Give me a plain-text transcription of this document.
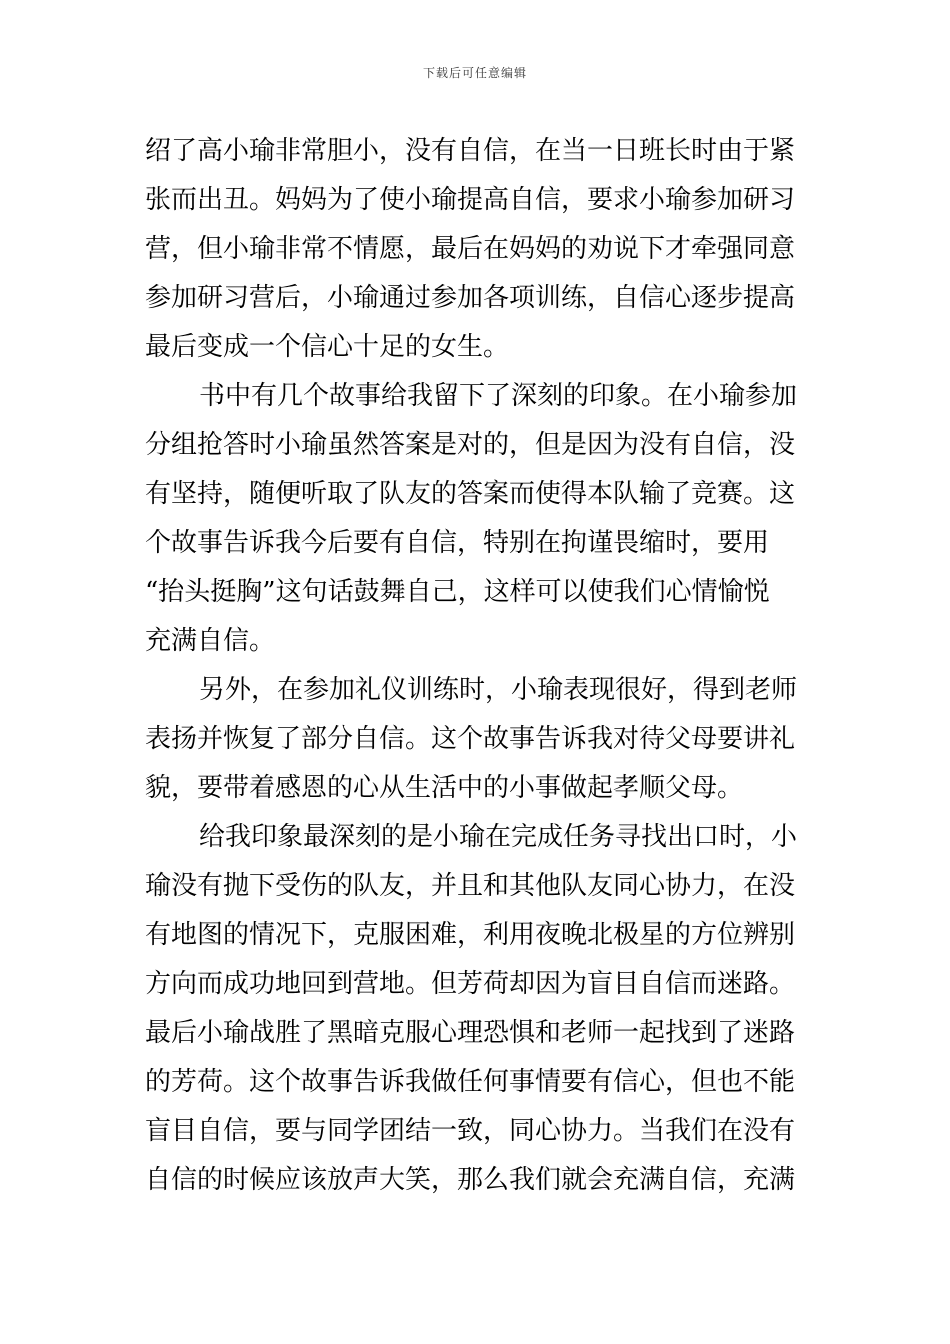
下载后可任意编辑
绍了高小瑜非常胆小，没有自信，在当一日班长时由于紧
张而出丑。妈妈为了使小瑜提高自信，要求小瑜参加研习
营，但小瑜非常不情愿，最后在妈妈的劝说下才牵强同意
参加研习营后，小瑜通过参加各项训练，自信心逐步提高
最后变成一个信心十足的女生。
书中有几个故事给我留下了深刻的印象。在小瑜参加
分组抢答时小瑜虽然答案是对的，但是因为没有自信，没
有坚持，随便听取了队友的答案而使得本队输了竞赛。这
个故事告诉我今后要有自信，特别在拘谨畏缩时，要用
“抬头挺胸”这句话鼓舞自己，这样可以使我们心情愉悦
充满自信。
另外，在参加礼仪训练时，小瑜表现很好，得到老师
表扬并恢复了部分自信。这个故事告诉我对待父母要讲礼
貌，要带着感恩的心从生活中的小事做起孝顺父母。
给我印象最深刻的是小瑜在完成任务寻找出口时，小
瑜没有抛下受伤的队友，并且和其他队友同心协力，在没
有地图的情况下，克服困难，利用夜晚北极星的方位辨别
方向而成功地回到营地。但芳荷却因为盲目自信而迷路。
最后小瑜战胜了黑暗克服心理恐惧和老师一起找到了迷路
的芳荷。这个故事告诉我做任何事情要有信心，但也不能
盲目自信，要与同学团结一致，同心协力。当我们在没有
自信的时候应该放声大笑，那么我们就会充满自信，充满
